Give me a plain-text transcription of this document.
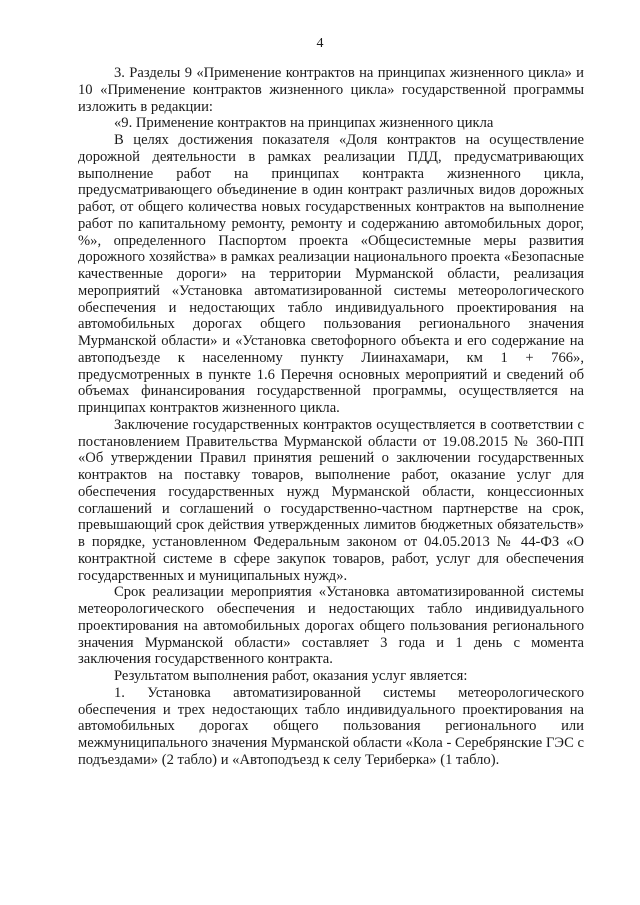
4

3. Разделы 9 «Применение контрактов на принципах жизненного цикла» и 10 «Применение контрактов жизненного цикла» государственной программы изложить в редакции:

«9. Применение контрактов на принципах жизненного цикла

В целях достижения показателя «Доля контрактов на осуществление дорожной деятельности в рамках реализации ПДД, предусматривающих выполнение работ на принципах контракта жизненного цикла, предусматривающего объединение в один контракт различных видов дорожных работ, от общего количества новых государственных контрактов на выполнение работ по капитальному ремонту, ремонту и содержанию автомобильных дорог, %», определенного Паспортом проекта «Общесистемные меры развития дорожного хозяйства» в рамках реализации национального проекта «Безопасные качественные дороги» на территории Мурманской области, реализация мероприятий «Установка автоматизированной системы метеорологического обеспечения и недостающих табло индивидуального проектирования на автомобильных дорогах общего пользования регионального значения Мурманской области» и «Установка светофорного объекта и его содержание на автоподъезде к населенному пункту Лиинахамари, км 1 + 766», предусмотренных в пункте 1.6 Перечня основных мероприятий и сведений об объемах финансирования государственной программы, осуществляется на принципах контрактов жизненного цикла.

Заключение государственных контрактов осуществляется в соответствии с постановлением Правительства Мурманской области от 19.08.2015 № 360-ПП «Об утверждении Правил принятия решений о заключении государственных контрактов на поставку товаров, выполнение работ, оказание услуг для обеспечения государственных нужд Мурманской области, концессионных соглашений и соглашений о государственно-частном партнерстве на срок, превышающий срок действия утвержденных лимитов бюджетных обязательств» в порядке, установленном Федеральным законом от 04.05.2013 № 44-ФЗ «О контрактной системе в сфере закупок товаров, работ, услуг для обеспечения государственных и муниципальных нужд».

Срок реализации мероприятия «Установка автоматизированной системы метеорологического обеспечения и недостающих табло индивидуального проектирования на автомобильных дорогах общего пользования регионального значения Мурманской области» составляет 3 года и 1 день с момента заключения государственного контракта.

Результатом выполнения работ, оказания услуг является:

1. Установка автоматизированной системы метеорологического обеспечения и трех недостающих табло индивидуального проектирования на автомобильных дорогах общего пользования регионального или межмуниципального значения Мурманской области «Кола - Серебрянские ГЭС с подъездами» (2 табло) и «Автоподъезд к селу Териберка» (1 табло).
